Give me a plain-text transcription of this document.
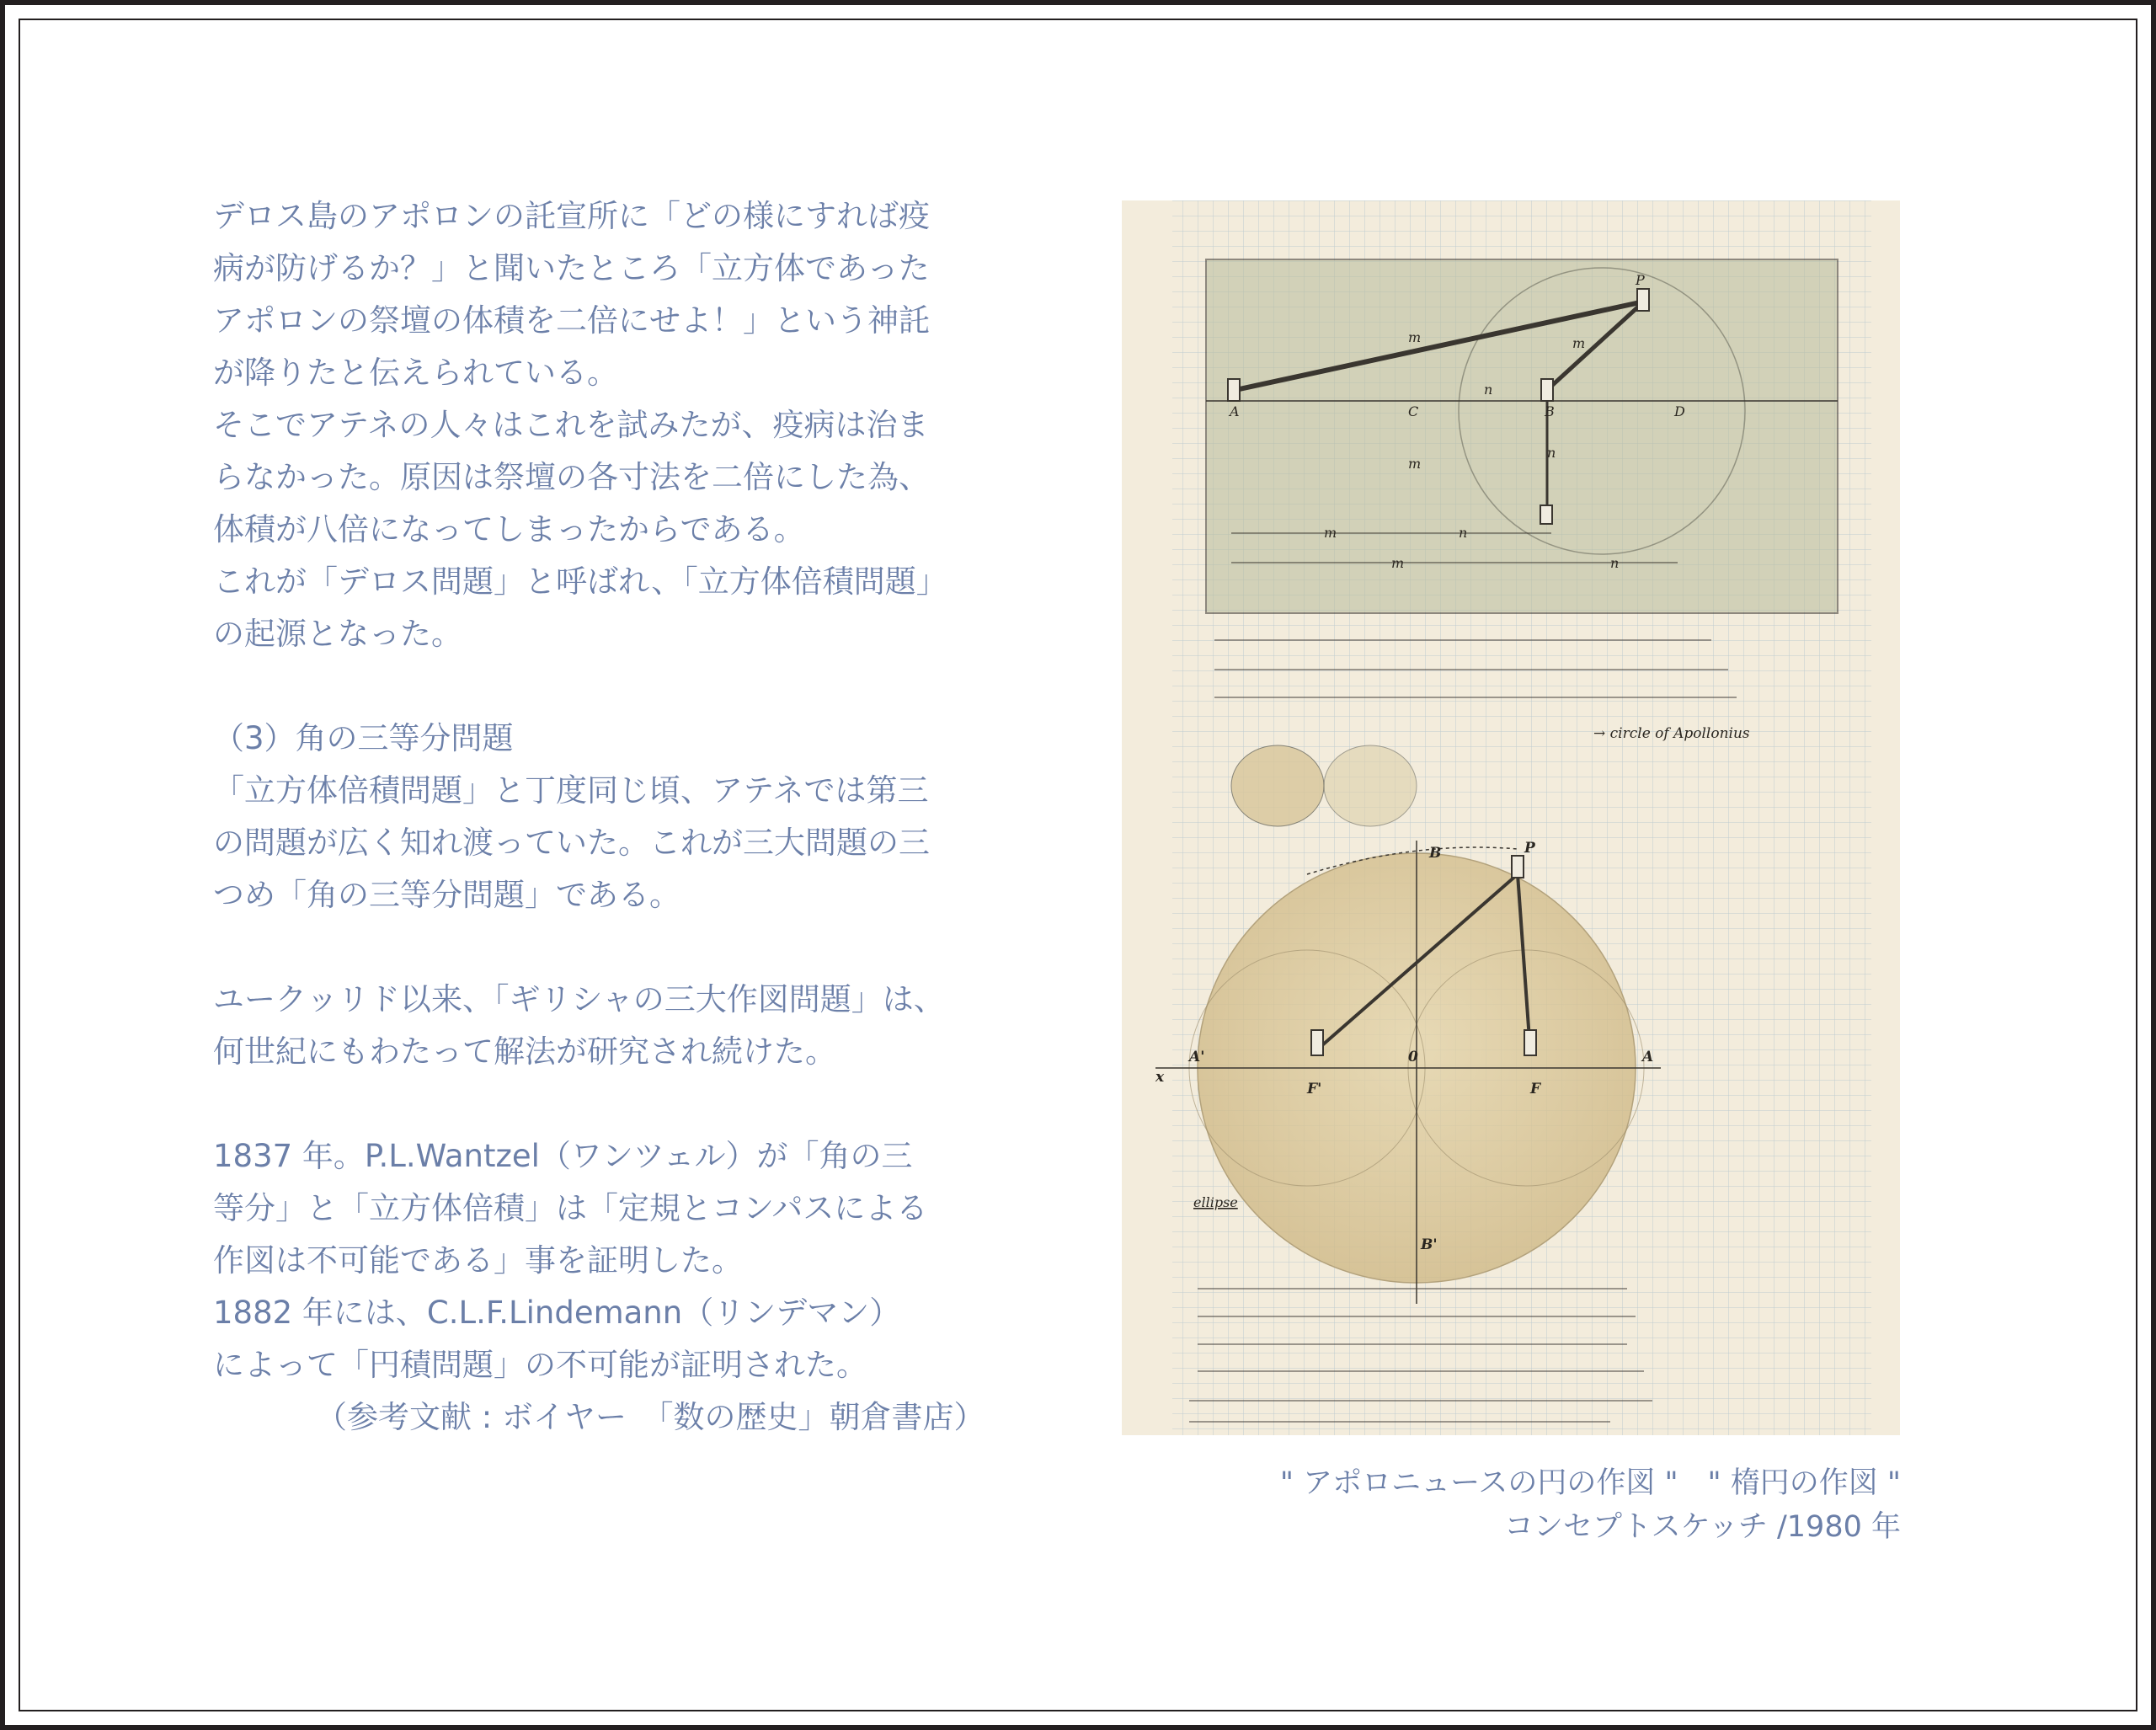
デロス島のアポロンの託宣所に「どの様にすれば疫

病が防げるか？」と聞いたところ「立方体であった

アポロンの祭壇の体積を二倍にせよ！」という神託

が降りたと伝えられている。

そこでアテネの人々はこれを試みたが、疫病は治ま

らなかった。原因は祭壇の各寸法を二倍にした為、

体積が八倍になってしまったからである。

これが「デロス問題」と呼ばれ、「立方体倍積問題」

の起源となった。

（3）角の三等分問題

「立方体倍積問題」と丁度同じ頃、アテネでは第三

の問題が広く知れ渡っていた。これが三大問題の三

つめ「角の三等分問題」である。

ユークッリド以来、「ギリシャの三大作図問題」は、

何世紀にもわたって解法が研究され続けた。

1837 年。P.L.Wantzel（ワンツェル）が「角の三

等分」と「立方体倍積」は「定規とコンパスによる

作図は不可能である」事を証明した。

1882 年には、C.L.F.Lindemann（リンデマン）

によって「円積問題」の不可能が証明された。

（参考文献 : ボイヤー　「数の歴史」朝倉書店）

P
A	C	B	D
m	m
m
n
n
m	n
m	n
→ circle of Apollonius
P
B
A'	A
F'	F
0
x
B'
ellipse

" アポロニュースの円の作図 "　" 楕円の作図 "

コンセプトスケッチ /1980 年
